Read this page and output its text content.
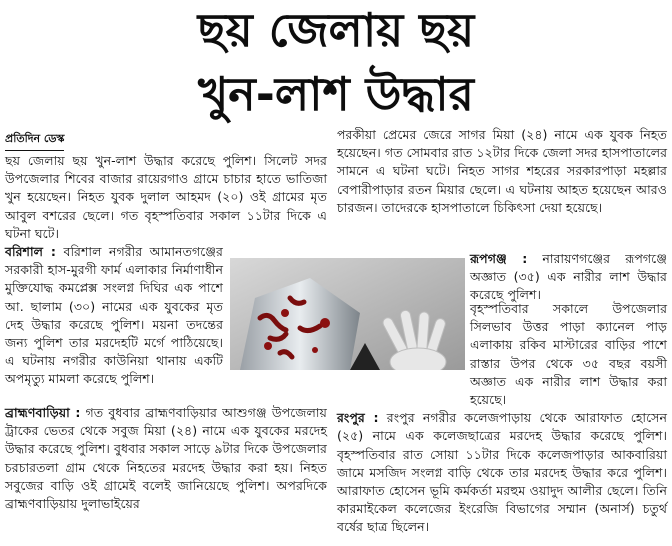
ছয় জেলায় ছয়
খুন-লাশ উদ্ধার
প্রতিদিন ডেস্ক

ছয় জেলায় ছয় খুন-লাশ উদ্ধার করেছে পুলিশ। সিলেট সদর উপজেলার শিবের বাজার রায়েরগাও গ্রামে চাচার হাতে ভাতিজা খুন হয়েছেন। নিহত যুবক দুলাল আহমদ (২০) ওই গ্রামের মৃত আবুল বশরের ছেলে। গত বৃহস্পতিবার সকাল ১১টার দিকে এ ঘটনা ঘটে।

বরিশাল : বরিশাল নগরীর আমানতগঞ্জের সরকারী হাস-মুরগী ফার্ম এলাকার নির্মাণাধীন মুক্তিযোদ্ধ কমপ্লেক্স সংলগ্ন দিঘির এক পাশে আ. ছালাম (৩০) নামের এক যুবকের মৃত দেহ উদ্ধার করেছে পুলিশ। ময়না তদন্তের জন্য পুলিশ তার মরদেহটি মর্গে পাঠিয়েছে। এ ঘটনায় নগরীর কাউনিয়া থানায় একটি অপমৃত্যু মামলা করেছে পুলিশ।

ব্রাহ্মণবাড়িয়া : গত বুধবার ব্রাহ্মণবাড়িয়ার আশুগঞ্জ উপজেলায় ট্রাকের ভেতর থেকে সবুজ মিয়া (২৪) নামে এক যুবকের মরদেহ উদ্ধার করেছে পুলিশ। বুধবার সকাল সাড়ে ৯টার দিকে উপজেলার চরচারতলা গ্রাম থেকে নিহতের মরদেহ উদ্ধার করা হয়। নিহত সবুজের বাড়ি ওই গ্রামেই বলেই জানিয়েছে পুলিশ। অপরদিকে ব্রাহ্মণবাড়িয়ায় দুলাভাইয়ের

পরকীয়া প্রেমের জেরে সাগর মিয়া (২৪) নামে এক যুবক নিহত হয়েছেন। গত সোমবার রাত ১২টার দিকে জেলা সদর হাসপাতালের সামনে এ ঘটনা ঘটে। নিহত সাগর শহরের সরকারপাড়া মহল্লার বেপারীপাড়ার রতন মিয়ার ছেলে। এ ঘটনায় আহত হয়েছেন আরও চারজন। তাদেরকে হাসপাতালে চিকিৎসা দেয়া হয়েছে।

রূপগঞ্জ : নারায়ণগঞ্জের রূপগঞ্জে অজ্ঞাত (৩৫) এক নারীর লাশ উদ্ধার করেছে পুলিশ।

বৃহস্পতিবার সকালে উপজেলার সিলভাব উত্তর পাড়া ক্যানেল পাড় এলাকায় রকিব মাস্টারের বাড়ির পাশে রাস্তার উপর থেকে ৩৫ বছর বয়সী অজ্ঞাত এক নারীর লাশ উদ্ধার করা হয়েছে।

রংপুর : রংপুর নগরীর কলেজপাড়ায় থেকে আরাফাত হোসেন (২৫) নামে এক কলেজছাত্রের মরদেহ উদ্ধার করেছে পুলিশ। বৃহস্পতিবার রাত সোয়া ১১টার দিকে কলেজপাড়ার আকবারিয়া জামে মসজিদ সংলগ্ন বাড়ি থেকে তার মরদেহ উদ্ধার করে পুলিশ। আরাফাত হোসেন ভূমি কর্মকর্তা মরহুম ওয়াদুদ আলীর ছেলে। তিনি কারমাইকেল কলেজের ইংরেজি বিভাগের সম্মান (অনার্স) চতুর্থ বর্ষের ছাত্র ছিলেন।
